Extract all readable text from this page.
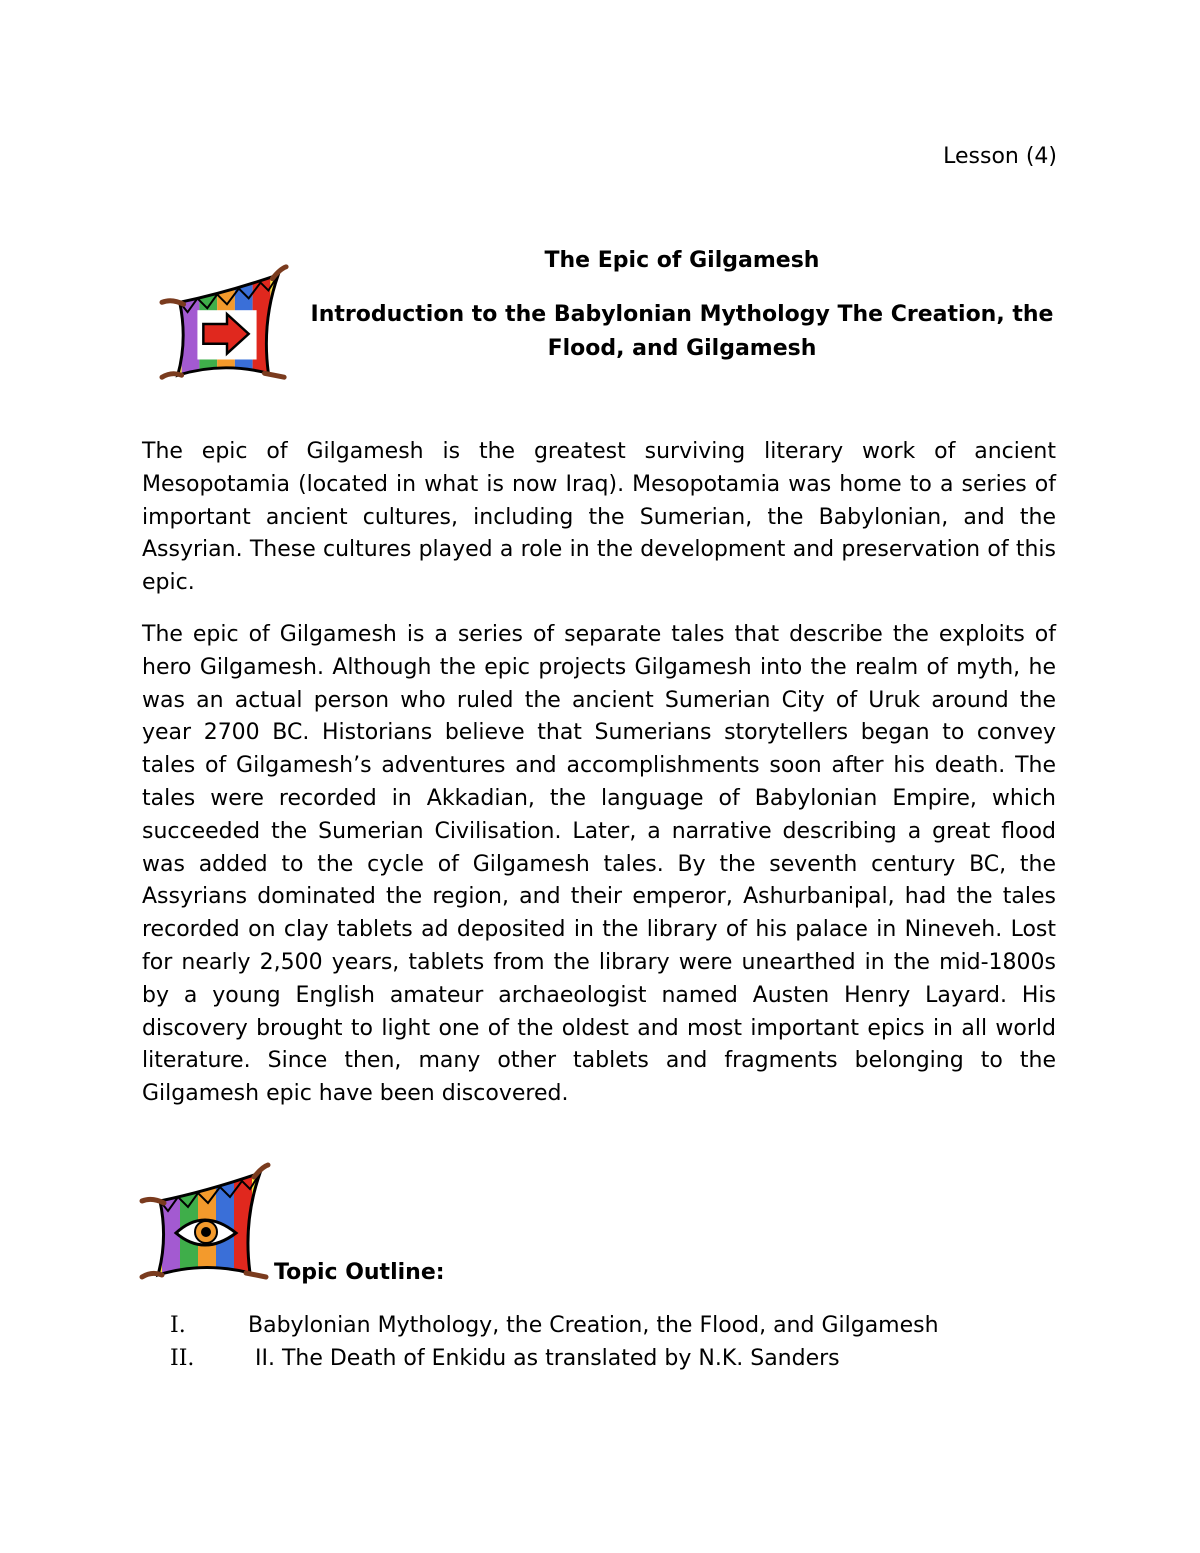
Lesson (4)
The Epic of Gilgamesh
Introduction to the Babylonian Mythology The Creation, the Flood, and Gilgamesh

The epic of Gilgamesh is the greatest surviving literary work of ancient Mesopotamia (located in what is now Iraq). Mesopotamia was home to a series of important ancient cultures, including the Sumerian, the Babylonian, and the Assyrian. These cultures played a role in the development and preservation of this epic.

The epic of Gilgamesh is a series of separate tales that describe the exploits of hero Gilgamesh. Although the epic projects Gilgamesh into the realm of myth, he was an actual person who ruled the ancient Sumerian City of Uruk around the year 2700 BC. Historians believe that Sumerians storytellers began to convey tales of Gilgamesh’s adventures and accomplishments soon after his death. The tales were recorded in Akkadian, the language of Babylonian Empire, which succeeded the Sumerian Civilisation. Later, a narrative describing a great flood was added to the cycle of Gilgamesh tales. By the seventh century BC, the Assyrians dominated the region, and their emperor, Ashurbanipal, had the tales recorded on clay tablets ad deposited in the library of his palace in Nineveh. Lost for nearly 2,500 years, tablets from the library were unearthed in the mid-1800s by a young English amateur archaeologist named Austen Henry Layard. His discovery brought to light one of the oldest and most important epics in all world literature. Since then, many other tablets and fragments belonging to the Gilgamesh epic have been discovered.

Topic Outline:
I.	Babylonian Mythology, the Creation, the Flood, and Gilgamesh
II.	II. The Death of Enkidu as translated by N.K. Sanders
